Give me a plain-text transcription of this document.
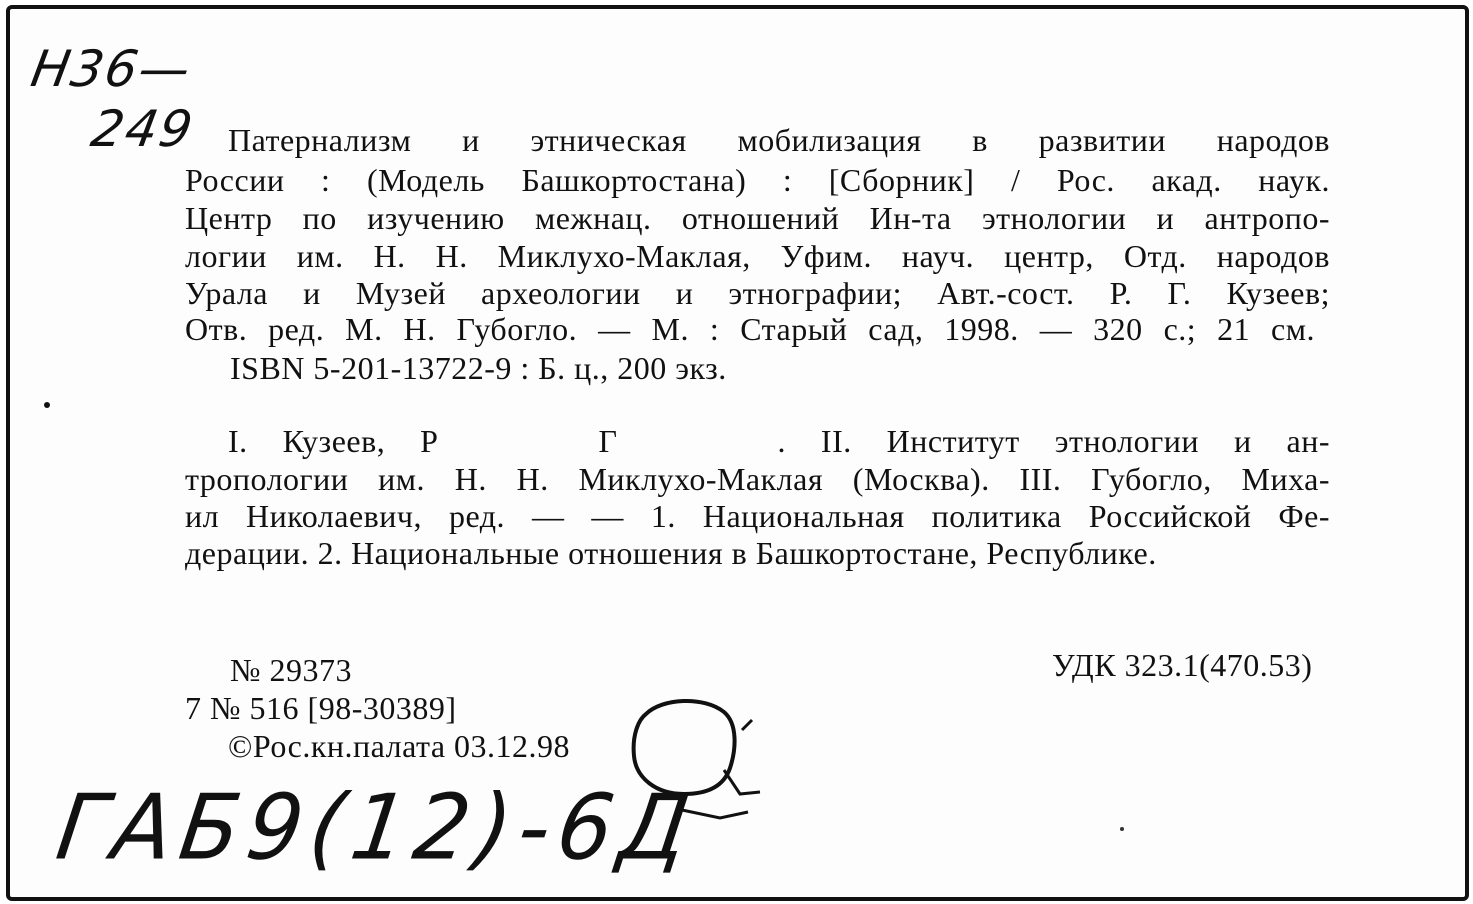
Н36—
249 Патернализм и этническая мобилизация в развитии народов
России : (Модель Башкортостана) : [Сборник] / Рос. акад. наук.
Центр по изучению межнац. отношений Ин-та этнологии и антропо-
логии им. Н. Н. Миклухо-Маклая, Уфим. науч. центр, Отд. народов
Урала и Музей археологии и этнографии; Авт.-сост. Р. Г. Кузеев;
Отв. ред. М. Н. Губогло. — М. : Старый сад, 1998. — 320 с.; 21 см.
ISBN 5-201-13722-9 : Б. ц., 200 экз.
I. Кузеев, Р	Г	. II. Институт этнологии и ан-
тропологии им. Н. Н. Миклухо-Маклая (Москва). III. Губогло, Миха-
ил Николаевич, ред. — — 1. Национальная политика Российской Фе-
дерации. 2. Национальные отношения в Башкортостане, Республике.
УДК 323.1(470.53)
№ 29373
7 № 516 [98-30389]
©Рос.кн.палата 03.12.98
ГАБ9(12)-6Д
